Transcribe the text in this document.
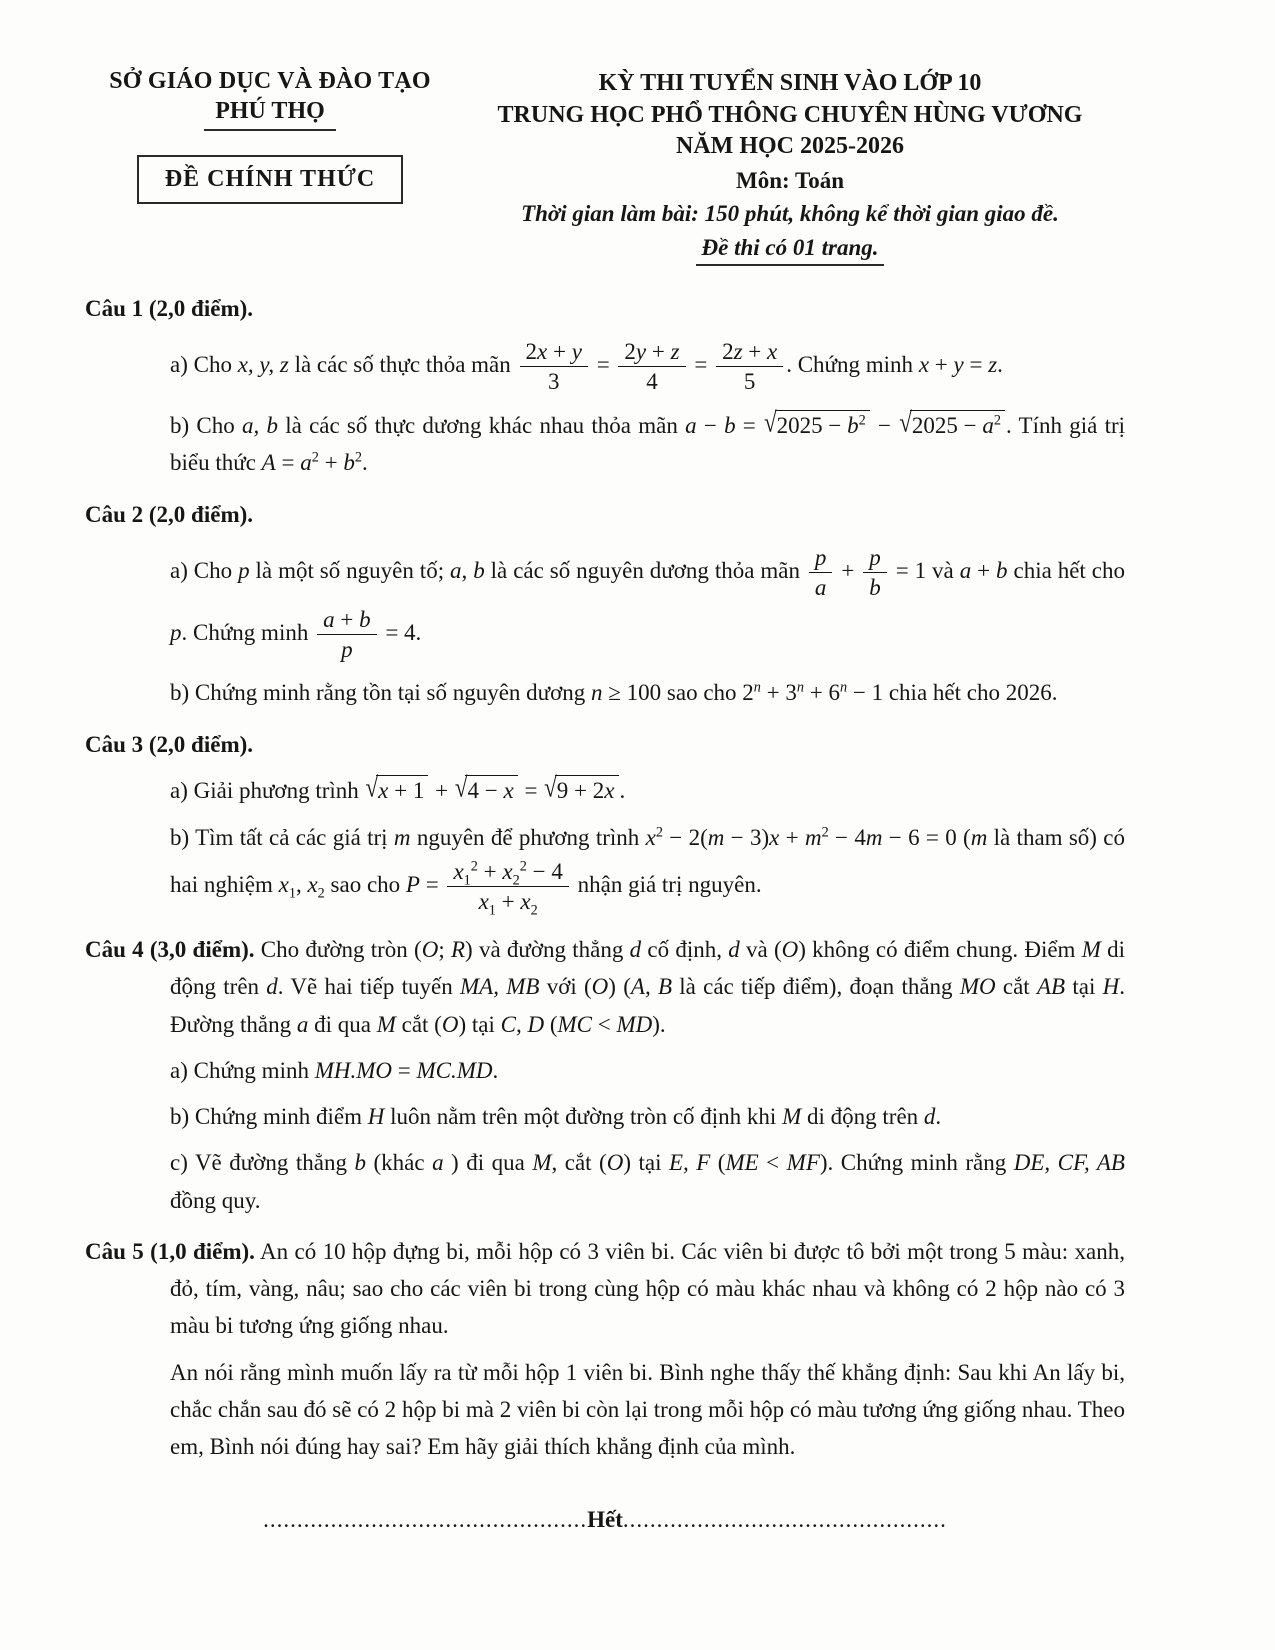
SỞ GIÁO DỤC VÀ ĐÀO TẠO
PHÚ THỌ
ĐỀ CHÍNH THỨC
KỲ THI TUYỂN SINH VÀO LỚP 10
TRUNG HỌC PHỔ THÔNG CHUYÊN HÙNG VƯƠNG
NĂM HỌC 2025-2026
Môn: Toán
Thời gian làm bài: 150 phút, không kể thời gian giao đề.
Đề thi có 01 trang.

Câu 1 (2,0 điểm).

a) Cho x, y, z là các số thực thỏa mãn $\frac{2x + y}{3} = \frac{2y + z}{4} = \frac{2z + x}{5}$ . Chứng minh x + y = z.

b) Cho a, b là các số thực dương khác nhau thỏa mãn $a - b = √2025 - b^2 - √2025 - a^2$ . Tính giá trị biểu thức $A = a^2 + b^2$.

Câu 2 (2,0 điểm).

a) Cho p là một số nguyên tố; a, b là các số nguyên dương thỏa mãn $\frac{p}{a} + \frac{p}{b} = 1$ và a + b chia hết cho p. Chứng minh $\frac{a + b}{p} = 4$.

b) Chứng minh rằng tồn tại số nguyên dương n ≥ 100 sao cho $2^n + 3^n + 6^n - 1$ chia hết cho 2026.

Câu 3 (2,0 điểm).

a) Giải phương trình √x + 1 + √4 − x = √9 + 2x .

b) Tìm tất cả các giá trị m nguyên để phương trình $x^2 - 2(m - 3)x + m^2 - 4m - 6 = 0$ (m là tham số) có hai nghiệm $x_1$, $x_2$ sao cho $P = \frac{x_1^2 + x_2^2 - 4}{x_1 + x_2}$ nhận giá trị nguyên.

Câu 4 (3,0 điểm). Cho đường tròn (O; R) và đường thẳng d cố định, d và (O) không có điểm chung. Điểm M di động trên d. Vẽ hai tiếp tuyến MA, MB với (O) (A, B là các tiếp điểm), đoạn thẳng MO cắt AB tại H. Đường thẳng a đi qua M cắt (O) tại C, D (MC < MD).

a) Chứng minh MH.MO = MC.MD.

b) Chứng minh điểm H luôn nằm trên một đường tròn cố định khi M di động trên d.

c) Vẽ đường thẳng b (khác a ) đi qua M, cắt (O) tại E, F (ME < MF). Chứng minh rằng DE, CF, AB đồng quy.

Câu 5 (1,0 điểm). An có 10 hộp đựng bi, mỗi hộp có 3 viên bi. Các viên bi được tô bởi một trong 5 màu: xanh, đỏ, tím, vàng, nâu; sao cho các viên bi trong cùng hộp có màu khác nhau và không có 2 hộp nào có 3 màu bi tương ứng giống nhau.

An nói rằng mình muốn lấy ra từ mỗi hộp 1 viên bi. Bình nghe thấy thế khẳng định: Sau khi An lấy bi, chắc chắn sau đó sẽ có 2 hộp bi mà 2 viên bi còn lại trong mỗi hộp có màu tương ứng giống nhau. Theo em, Bình nói đúng hay sai? Em hãy giải thích khẳng định của mình.

................................................Hết................................................
